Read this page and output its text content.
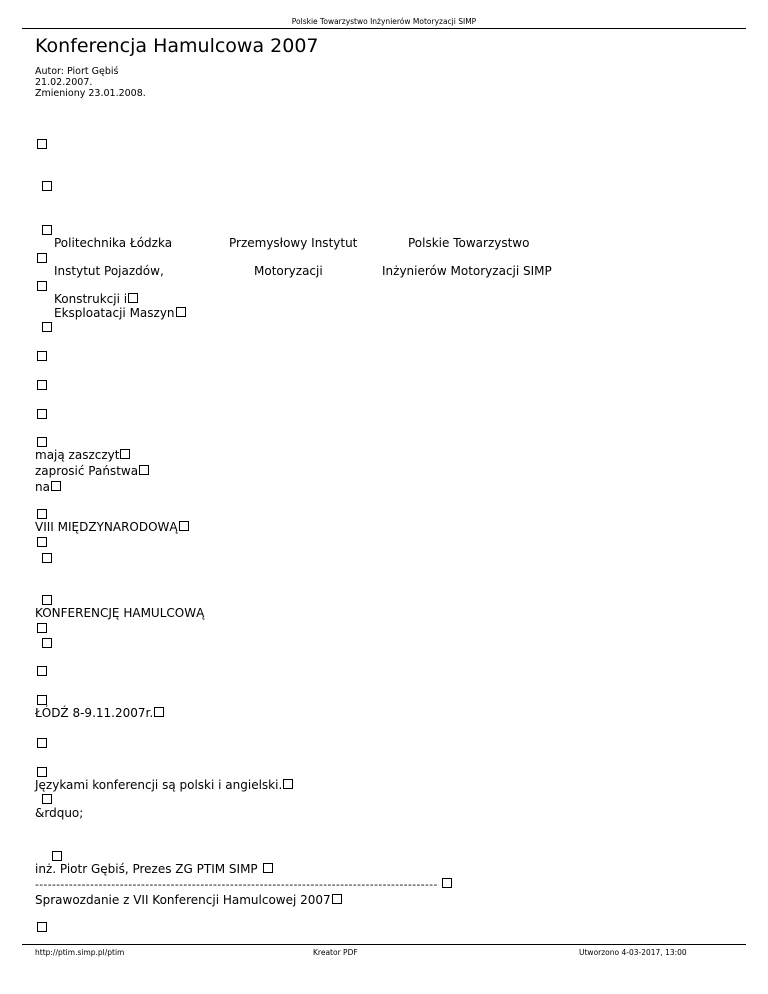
Polskie Towarzystwo Inżynierów Motoryzacji SIMP
Konferencja Hamulcowa 2007
Autor: Piort Gębiś
21.02.2007.
Zmieniony 23.01.2008.
Politechnika Łódzka	Przemysłowy Instytut	Polskie Towarzystwo
Instytut Pojazdów,	Motoryzacji	Inżynierów Motoryzacji SIMP
Konstrukcji i
Eksploatacji Maszyn
mają zaszczyt
zaprosić Państwa
na
VIII MIĘDZYNARODOWĄ
KONFERENCJĘ HAMULCOWĄ
ŁÓDŹ 8-9.11.2007r.
Językami konferencji są polski i angielski.
&rdquo;
inż. Piotr Gębiś, Prezes ZG PTIM SIMP
-----------------------------------------------------------------------------------------------
Sprawozdanie z VII Konferencji Hamulcowej 2007
http://ptim.simp.pl/ptim	Kreator PDF	Utworzono 4-03-2017, 13:00
